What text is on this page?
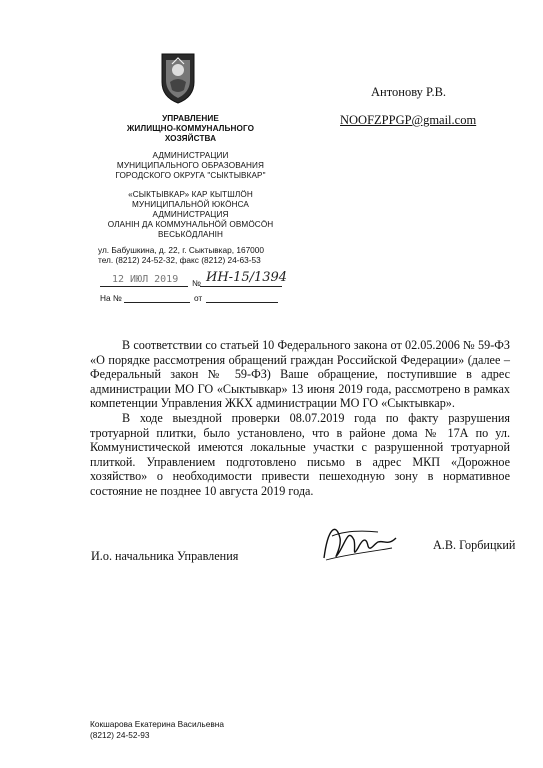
УПРАВЛЕНИЕ
ЖИЛИЩНО-КОММУНАЛЬНОГО
ХОЗЯЙСТВА
АДМИНИСТРАЦИИ
МУНИЦИПАЛЬНОГО ОБРАЗОВАНИЯ
ГОРОДСКОГО ОКРУГА "СЫКТЫВКАР"
«СЫКТЫВКАР» КАР КЫТШЛÖН
МУНИЦИПАЛЬНÖЙ ЮКÖНСА
АДМИНИСТРАЦИЯ
ОЛАНІН ДА КОММУНАЛЬНÖЙ ОВМÖСÖН
ВЕСЬКÖДЛАНІН
ул. Бабушкина, д. 22, г. Сыктывкар, 167000
тел. (8212) 24-52-32, факс (8212) 24-63-53
12 ИЮЛ 2019 № ИН-15/1394
На №	от
Антонову Р.В.
NOOFZPPGP@gmail.com

В соответствии со статьей 10 Федерального закона от 02.05.2006 № 59-ФЗ «О порядке рассмотрения обращений граждан Российской Федерации» (далее – Федеральный закон № 59-ФЗ) Ваше обращение, поступившие в адрес администрации МО ГО «Сыктывкар» 13 июня 2019 года, рассмотрено в рамках компетенции Управления ЖКХ администрации МО ГО «Сыктывкар».

В ходе выездной проверки 08.07.2019 года по факту разрушения тротуарной плитки, было установлено, что в районе дома № 17А по ул. Коммунистической имеются локальные участки с разрушенной тротуарной плиткой. Управлением подготовлено письмо в адрес МКП «Дорожное хозяйство» о необходимости привести пешеходную зону в нормативное состояние не позднее 10 августа 2019 года.

И.о. начальника Управления
А.В. Горбицкий
Кокшарова Екатерина Васильевна
(8212) 24-52-93
